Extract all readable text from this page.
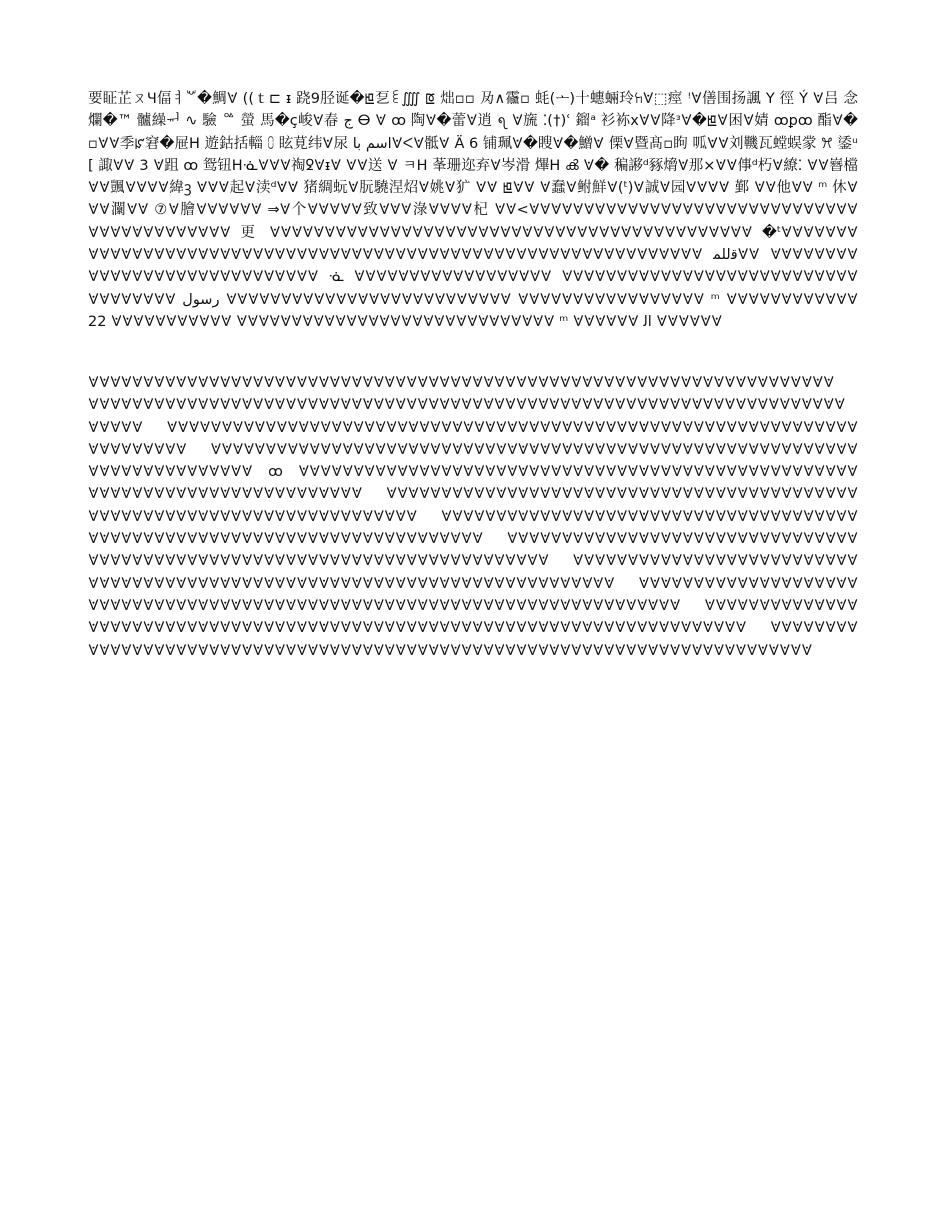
要眐芷ㄡЧ偪ㅕ꒴�鯛𐌞 ((ｔ⊏ ᵻ 跷9胫诞�ꡁ乭꒲⨌ ꡔ 炪▫▫ 夃∧䨹▫ 蚝(ᅩ)十蟪蜽玲ꖷ𐌞⬚痙 ꜝ𐌞僐围扬諷 Y 徑 Ý 𐌞吕 念爛�™ 髗繰ᆔ ∿ 驗 ᅆ 螢 馬�ç峻𐌞㫪 ج ⴱ 𐌞 ꝏ 陶𐌞�蕾𐌞逍 ᪇ 𐌞旒 ⁚(†)ʿ 鎦ᵃ 衫袮x𐌞𐌞降ᵌ𐌞�ꡁ𐌞困𐌞婧 ꝏꝑꝏ 酯𐌞� ▫𐌞𐌞季ꡜ窘�屉ᕼ 遊鈷括輜 ⩇ 眩莧纬𐌞尿 ﺍﺳﻢ ﺑﺎ𐌞ᐸ𐌞骶𐌞 Ä 6 铺珮𐌞�瞍𐌞�鱛𐌞 傈𐌞暨髙▫眗 呱𐌞𐌞刘鞿瓦螳蜈䝉 ꕮ 鋈ᵘ [ 諏𐌞𐌞 3 𐌞跙 ꝏ 鸳钮ᕼᓍ𐌞𐌞𐌞祹ꝿ𐌞ᵻ𐌞 𐌞𐌞送 𐌞 ㅋH 莑珊迩弃𐌞岑滑 熚ᕼ ൿ 𐌞� 稨謻ᵈ豩熁𐌞那×𐌞𐌞倳ᵈ朽𐌞繚⁚ 𐌞𐌞嶜檔𐌞𐌞颽𐌞𐌞𐌞𐌞緯ꝫ 𐌞𐌞𐌞起𐌞渎ᵈ𐌞𐌞 猪綢蚖𐌞朊驍涅炤𐌞姚𐌞犷 𐌞𐌞 ꡁ𐌞𐌞 𐌞蠢𐌞鲋鮮𐌞(ᵗ)𐌞誠𐌞园𐌞𐌞𐌞𐌞 鄞 𐌞𐌞他𐌞𐌞 ᵐ 休𐌞𐌞𐌞灁𐌞𐌞 ⑦𐌞膾𐌞𐌞𐌞𐌞𐌞𐌞 ⇒𐌞个𐌞𐌞𐌞𐌞𐌞致𐌞𐌞𐌞淥𐌞𐌞𐌞𐌞杞 𐌞𐌞<𐌞𐌞𐌞𐌞𐌞𐌞𐌞𐌞𐌞𐌞𐌞𐌞𐌞𐌞𐌞𐌞𐌞𐌞𐌞𐌞𐌞𐌞𐌞𐌞𐌞𐌞𐌞𐌞𐌞𐌞𐌞𐌞𐌞𐌞𐌞𐌞𐌞𐌞𐌞𐌞𐌞𐌞𐌞 更 𐌞𐌞𐌞𐌞𐌞𐌞𐌞𐌞𐌞𐌞𐌞𐌞𐌞𐌞𐌞𐌞𐌞𐌞𐌞𐌞𐌞𐌞𐌞𐌞𐌞𐌞𐌞𐌞𐌞𐌞𐌞𐌞𐌞𐌞𐌞𐌞𐌞𐌞𐌞𐌞𐌞𐌞𐌞𐌞 �ᵗ𐌞𐌞𐌞𐌞𐌞𐌞𐌞𐌞𐌞𐌞𐌞𐌞𐌞𐌞𐌞𐌞𐌞𐌞𐌞𐌞𐌞𐌞𐌞𐌞𐌞𐌞𐌞𐌞𐌞𐌞𐌞𐌞𐌞𐌞𐌞𐌞𐌞𐌞𐌞𐌞𐌞𐌞𐌞𐌞𐌞𐌞𐌞𐌞𐌞𐌞𐌞𐌞𐌞𐌞𐌞𐌞𐌞𐌞𐌞𐌞𐌞𐌞𐌞 ﻗﻟﻠﻤ𐌞𐌞 𐌞𐌞𐌞𐌞𐌞𐌞𐌞𐌞𐌞𐌞𐌞𐌞𐌞𐌞𐌞𐌞𐌞𐌞𐌞𐌞𐌞𐌞𐌞𐌞𐌞𐌞𐌞𐌞𐌞 ᓍ 𐌞𐌞𐌞𐌞𐌞𐌞𐌞𐌞𐌞𐌞𐌞𐌞𐌞𐌞𐌞𐌞𐌞𐌞 𐌞𐌞𐌞𐌞𐌞𐌞𐌞𐌞𐌞𐌞𐌞𐌞𐌞𐌞𐌞𐌞𐌞𐌞𐌞𐌞𐌞𐌞𐌞𐌞𐌞𐌞𐌞𐌞𐌞𐌞𐌞𐌞𐌞𐌞𐌞 ﺭﺳﻮﻝ 𐌞𐌞𐌞𐌞𐌞𐌞𐌞𐌞𐌞𐌞𐌞𐌞𐌞𐌞𐌞𐌞𐌞𐌞𐌞𐌞𐌞𐌞𐌞𐌞𐌞𐌞 𐌞𐌞𐌞𐌞𐌞𐌞𐌞𐌞𐌞𐌞𐌞𐌞𐌞𐌞𐌞𐌞𐌞 ᵐ 𐌞𐌞𐌞𐌞𐌞𐌞𐌞𐌞𐌞𐌞𐌞𐌞 22 𐌞𐌞𐌞𐌞𐌞𐌞𐌞𐌞𐌞𐌞𐌞 𐌞𐌞𐌞𐌞𐌞𐌞𐌞𐌞𐌞𐌞𐌞𐌞𐌞𐌞𐌞𐌞𐌞𐌞𐌞𐌞𐌞𐌞𐌞𐌞𐌞𐌞𐌞𐌞𐌞 ᵐ 𐌞𐌞𐌞𐌞𐌞𐌞 ﺍﻟ 𐌞𐌞𐌞𐌞𐌞𐌞

𐌞𐌞𐌞𐌞𐌞𐌞𐌞𐌞𐌞𐌞𐌞𐌞𐌞𐌞𐌞𐌞𐌞𐌞𐌞𐌞𐌞𐌞𐌞𐌞𐌞𐌞𐌞𐌞𐌞𐌞𐌞𐌞𐌞𐌞𐌞𐌞𐌞𐌞𐌞𐌞𐌞𐌞𐌞𐌞𐌞𐌞𐌞𐌞𐌞𐌞𐌞𐌞𐌞𐌞𐌞𐌞𐌞𐌞𐌞𐌞𐌞𐌞𐌞𐌞𐌞𐌞𐌞𐌞 𐌞𐌞𐌞𐌞𐌞𐌞𐌞𐌞𐌞𐌞𐌞𐌞𐌞𐌞𐌞𐌞𐌞𐌞𐌞𐌞𐌞𐌞𐌞𐌞𐌞𐌞𐌞𐌞𐌞𐌞𐌞𐌞𐌞𐌞𐌞𐌞𐌞𐌞𐌞𐌞𐌞𐌞𐌞𐌞𐌞𐌞𐌞𐌞𐌞𐌞𐌞𐌞𐌞𐌞𐌞𐌞𐌞𐌞𐌞𐌞𐌞𐌞𐌞𐌞𐌞𐌞𐌞𐌞𐌞𐌞𐌞𐌞𐌞𐌞 𐌞𐌞𐌞𐌞𐌞𐌞𐌞𐌞𐌞𐌞𐌞𐌞𐌞𐌞𐌞𐌞𐌞𐌞𐌞𐌞𐌞𐌞𐌞𐌞𐌞𐌞𐌞𐌞𐌞𐌞𐌞𐌞𐌞𐌞𐌞𐌞𐌞𐌞𐌞𐌞𐌞𐌞𐌞𐌞𐌞𐌞𐌞𐌞𐌞𐌞𐌞𐌞𐌞𐌞𐌞𐌞𐌞𐌞𐌞𐌞𐌞𐌞𐌞𐌞𐌞𐌞𐌞𐌞𐌞𐌞𐌞𐌞 𐌞𐌞𐌞𐌞𐌞𐌞𐌞𐌞𐌞𐌞𐌞𐌞𐌞𐌞𐌞𐌞𐌞𐌞𐌞𐌞𐌞𐌞𐌞𐌞𐌞𐌞𐌞𐌞𐌞𐌞𐌞𐌞𐌞𐌞𐌞𐌞𐌞𐌞𐌞𐌞𐌞𐌞𐌞𐌞𐌞𐌞𐌞𐌞𐌞𐌞𐌞𐌞𐌞𐌞𐌞𐌞𐌞𐌞𐌞𐌞𐌞𐌞𐌞𐌞𐌞𐌞𐌞𐌞𐌞𐌞𐌞𐌞𐌞𐌞 ꝏ 𐌞𐌞𐌞𐌞𐌞𐌞𐌞𐌞𐌞𐌞𐌞𐌞𐌞𐌞𐌞𐌞𐌞𐌞𐌞𐌞𐌞𐌞𐌞𐌞𐌞𐌞𐌞𐌞𐌞𐌞𐌞𐌞𐌞𐌞𐌞𐌞𐌞𐌞𐌞𐌞𐌞𐌞𐌞𐌞𐌞𐌞𐌞𐌞𐌞𐌞𐌞𐌞𐌞𐌞𐌞𐌞𐌞𐌞𐌞𐌞𐌞𐌞𐌞𐌞𐌞𐌞𐌞𐌞𐌞𐌞𐌞𐌞𐌞𐌞𐌞𐌞 𐌞𐌞𐌞𐌞𐌞𐌞𐌞𐌞𐌞𐌞𐌞𐌞𐌞𐌞𐌞𐌞𐌞𐌞𐌞𐌞𐌞𐌞𐌞𐌞𐌞𐌞𐌞𐌞𐌞𐌞𐌞𐌞𐌞𐌞𐌞𐌞𐌞𐌞𐌞𐌞𐌞𐌞𐌞𐌞𐌞𐌞𐌞𐌞𐌞𐌞𐌞𐌞𐌞𐌞𐌞𐌞𐌞𐌞𐌞𐌞𐌞𐌞𐌞𐌞𐌞𐌞𐌞𐌞𐌞𐌞𐌞𐌞𐌞 𐌞𐌞𐌞𐌞𐌞𐌞𐌞𐌞𐌞𐌞𐌞𐌞𐌞𐌞𐌞𐌞𐌞𐌞𐌞𐌞𐌞𐌞𐌞𐌞𐌞𐌞𐌞𐌞𐌞𐌞𐌞𐌞𐌞𐌞𐌞𐌞𐌞𐌞𐌞𐌞𐌞𐌞𐌞𐌞𐌞𐌞𐌞𐌞𐌞𐌞𐌞𐌞𐌞𐌞𐌞𐌞𐌞𐌞𐌞𐌞𐌞𐌞𐌞𐌞𐌞𐌞𐌞𐌞𐌞𐌞𐌞𐌞𐌞𐌞 𐌞𐌞𐌞𐌞𐌞𐌞𐌞𐌞𐌞𐌞𐌞𐌞𐌞𐌞𐌞𐌞𐌞𐌞𐌞𐌞𐌞𐌞𐌞𐌞𐌞𐌞𐌞𐌞𐌞𐌞𐌞𐌞𐌞𐌞𐌞𐌞𐌞𐌞𐌞𐌞𐌞𐌞𐌞𐌞𐌞𐌞𐌞𐌞𐌞𐌞𐌞𐌞𐌞𐌞𐌞𐌞𐌞𐌞𐌞𐌞𐌞𐌞𐌞𐌞𐌞𐌞𐌞𐌞𐌞𐌞𐌞𐌞𐌞𐌞 𐌞𐌞𐌞𐌞𐌞𐌞𐌞𐌞𐌞𐌞𐌞𐌞𐌞𐌞𐌞𐌞𐌞𐌞𐌞𐌞𐌞𐌞𐌞𐌞𐌞𐌞𐌞𐌞𐌞𐌞𐌞𐌞𐌞𐌞𐌞𐌞𐌞𐌞𐌞𐌞𐌞𐌞𐌞𐌞𐌞𐌞𐌞𐌞𐌞𐌞𐌞𐌞𐌞𐌞𐌞𐌞𐌞𐌞𐌞𐌞𐌞𐌞𐌞𐌞𐌞𐌞𐌞𐌞𐌞𐌞𐌞𐌞𐌞𐌞 𐌞𐌞𐌞𐌞𐌞𐌞𐌞𐌞𐌞𐌞𐌞𐌞𐌞𐌞𐌞𐌞𐌞𐌞𐌞𐌞𐌞𐌞𐌞𐌞𐌞𐌞𐌞𐌞𐌞𐌞𐌞𐌞𐌞𐌞𐌞𐌞𐌞𐌞𐌞𐌞𐌞𐌞𐌞𐌞𐌞𐌞𐌞𐌞𐌞𐌞𐌞𐌞𐌞𐌞𐌞𐌞𐌞𐌞𐌞𐌞𐌞𐌞𐌞𐌞𐌞𐌞𐌞𐌞𐌞𐌞𐌞𐌞𐌞𐌞 𐌞𐌞𐌞𐌞𐌞𐌞𐌞𐌞𐌞𐌞𐌞𐌞𐌞𐌞𐌞𐌞𐌞𐌞𐌞𐌞𐌞𐌞𐌞𐌞𐌞𐌞𐌞𐌞𐌞𐌞𐌞𐌞𐌞𐌞𐌞𐌞𐌞𐌞𐌞𐌞𐌞𐌞𐌞𐌞𐌞𐌞𐌞𐌞𐌞𐌞𐌞𐌞𐌞𐌞𐌞𐌞𐌞𐌞𐌞𐌞𐌞𐌞𐌞𐌞𐌞𐌞𐌞𐌞𐌞𐌞𐌞𐌞𐌞𐌞 𐌞𐌞𐌞𐌞𐌞𐌞𐌞𐌞𐌞𐌞𐌞𐌞𐌞𐌞𐌞𐌞𐌞𐌞𐌞𐌞𐌞𐌞𐌞𐌞𐌞𐌞𐌞𐌞𐌞𐌞𐌞𐌞𐌞𐌞𐌞𐌞𐌞𐌞𐌞𐌞𐌞𐌞𐌞𐌞𐌞𐌞𐌞𐌞𐌞𐌞𐌞𐌞𐌞𐌞𐌞𐌞𐌞𐌞𐌞𐌞𐌞𐌞𐌞𐌞𐌞𐌞𐌞𐌞𐌞𐌞𐌞𐌞𐌞𐌞
